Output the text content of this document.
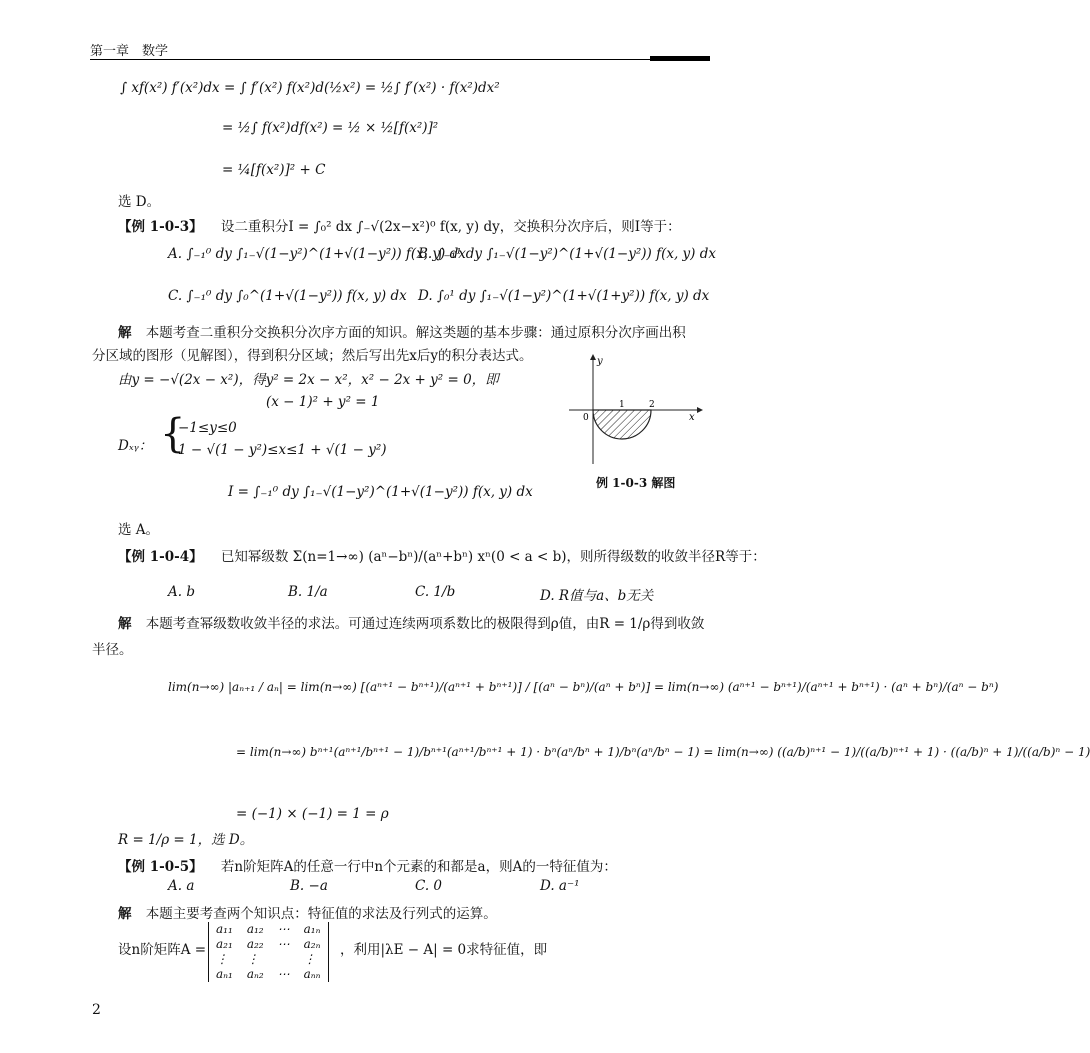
第一章　数学
∫ xf(x²) f′(x²)dx = ∫ f′(x²) f(x²)d(½x²) = ½∫ f′(x²) · f(x²)dx²
= ½∫ f(x²)df(x²) = ½ × ½[f(x²)]²
= ¼[f(x²)]² + C
选 D。
【例 1-0-3】 设二重积分I = ∫₀² dx ∫₋√(2x−x²)⁰ f(x, y) dy，交换积分次序后，则I等于：
A. ∫₋₁⁰ dy ∫₁₋√(1−y²)^(1+√(1−y²)) f(x, y) dx
B. ∫₋₁¹ dy ∫₁₋√(1−y²)^(1+√(1−y²)) f(x, y) dx
C. ∫₋₁⁰ dy ∫₀^(1+√(1−y²)) f(x, y) dx D. ∫₀¹ dy ∫₁₋√(1−y²)^(1+√(1+y²)) f(x, y) dx
解 本题考查二重积分交换积分次序方面的知识。解这类题的基本步骤：通过原积分次序画出积
分区域的图形（见解图），得到积分区域；然后写出先x后y的积分表达式。
由y = −√(2x − x²)，得y² = 2x − x²，x² − 2x + y² = 0，即
(x − 1)² + y² = 1
Dₓᵧ： {
−1≤y≤0
1 − √(1 − y²)≤x≤1 + √(1 − y²)
I = ∫₋₁⁰ dy ∫₁₋√(1−y²)^(1+√(1−y²)) f(x, y) dx
选 A。
y
x
0
1	2
例 1-0-3 解图
【例 1-0-4】 已知幂级数 Σ(n=1→∞) (aⁿ−bⁿ)/(aⁿ+bⁿ) xⁿ(0 < a < b)，则所得级数的收敛半径R等于：
A. b	B. 1/a	C. 1/b	D. R值与a、b无关
解 本题考查幂级数收敛半径的求法。可通过连续两项系数比的极限得到ρ值，由R = 1/ρ得到收敛
半径。
lim(n→∞) |aₙ₊₁ / aₙ| = lim(n→∞) [(aⁿ⁺¹ − bⁿ⁺¹)/(aⁿ⁺¹ + bⁿ⁺¹)] / [(aⁿ − bⁿ)/(aⁿ + bⁿ)] = lim(n→∞) (aⁿ⁺¹ − bⁿ⁺¹)/(aⁿ⁺¹ + bⁿ⁺¹) · (aⁿ + bⁿ)/(aⁿ − bⁿ)
= lim(n→∞) bⁿ⁺¹(aⁿ⁺¹/bⁿ⁺¹ − 1)/bⁿ⁺¹(aⁿ⁺¹/bⁿ⁺¹ + 1) · bⁿ(aⁿ/bⁿ + 1)/bⁿ(aⁿ/bⁿ − 1) = lim(n→∞) ((a/b)ⁿ⁺¹ − 1)/((a/b)ⁿ⁺¹ + 1) · ((a/b)ⁿ + 1)/((a/b)ⁿ − 1)
= (−1) × (−1) = 1 = ρ
R = 1/ρ = 1，选 D。
【例 1-0-5】 若n阶矩阵A的任意一行中n个元素的和都是a，则A的一特征值为：
A. a	B. −a	C. 0	D. a⁻¹
解 本题主要考查两个知识点：特征值的求法及行列式的运算。
设n阶矩阵A =
a₁₁	a₁₂	⋯	a₁ₙ
a₂₁	a₂₂	⋯	a₂ₙ
⋮	⋮		⋮
aₙ₁	aₙ₂	⋯	aₙₙ
，利用|λE − A| = 0求特征值，即
2
